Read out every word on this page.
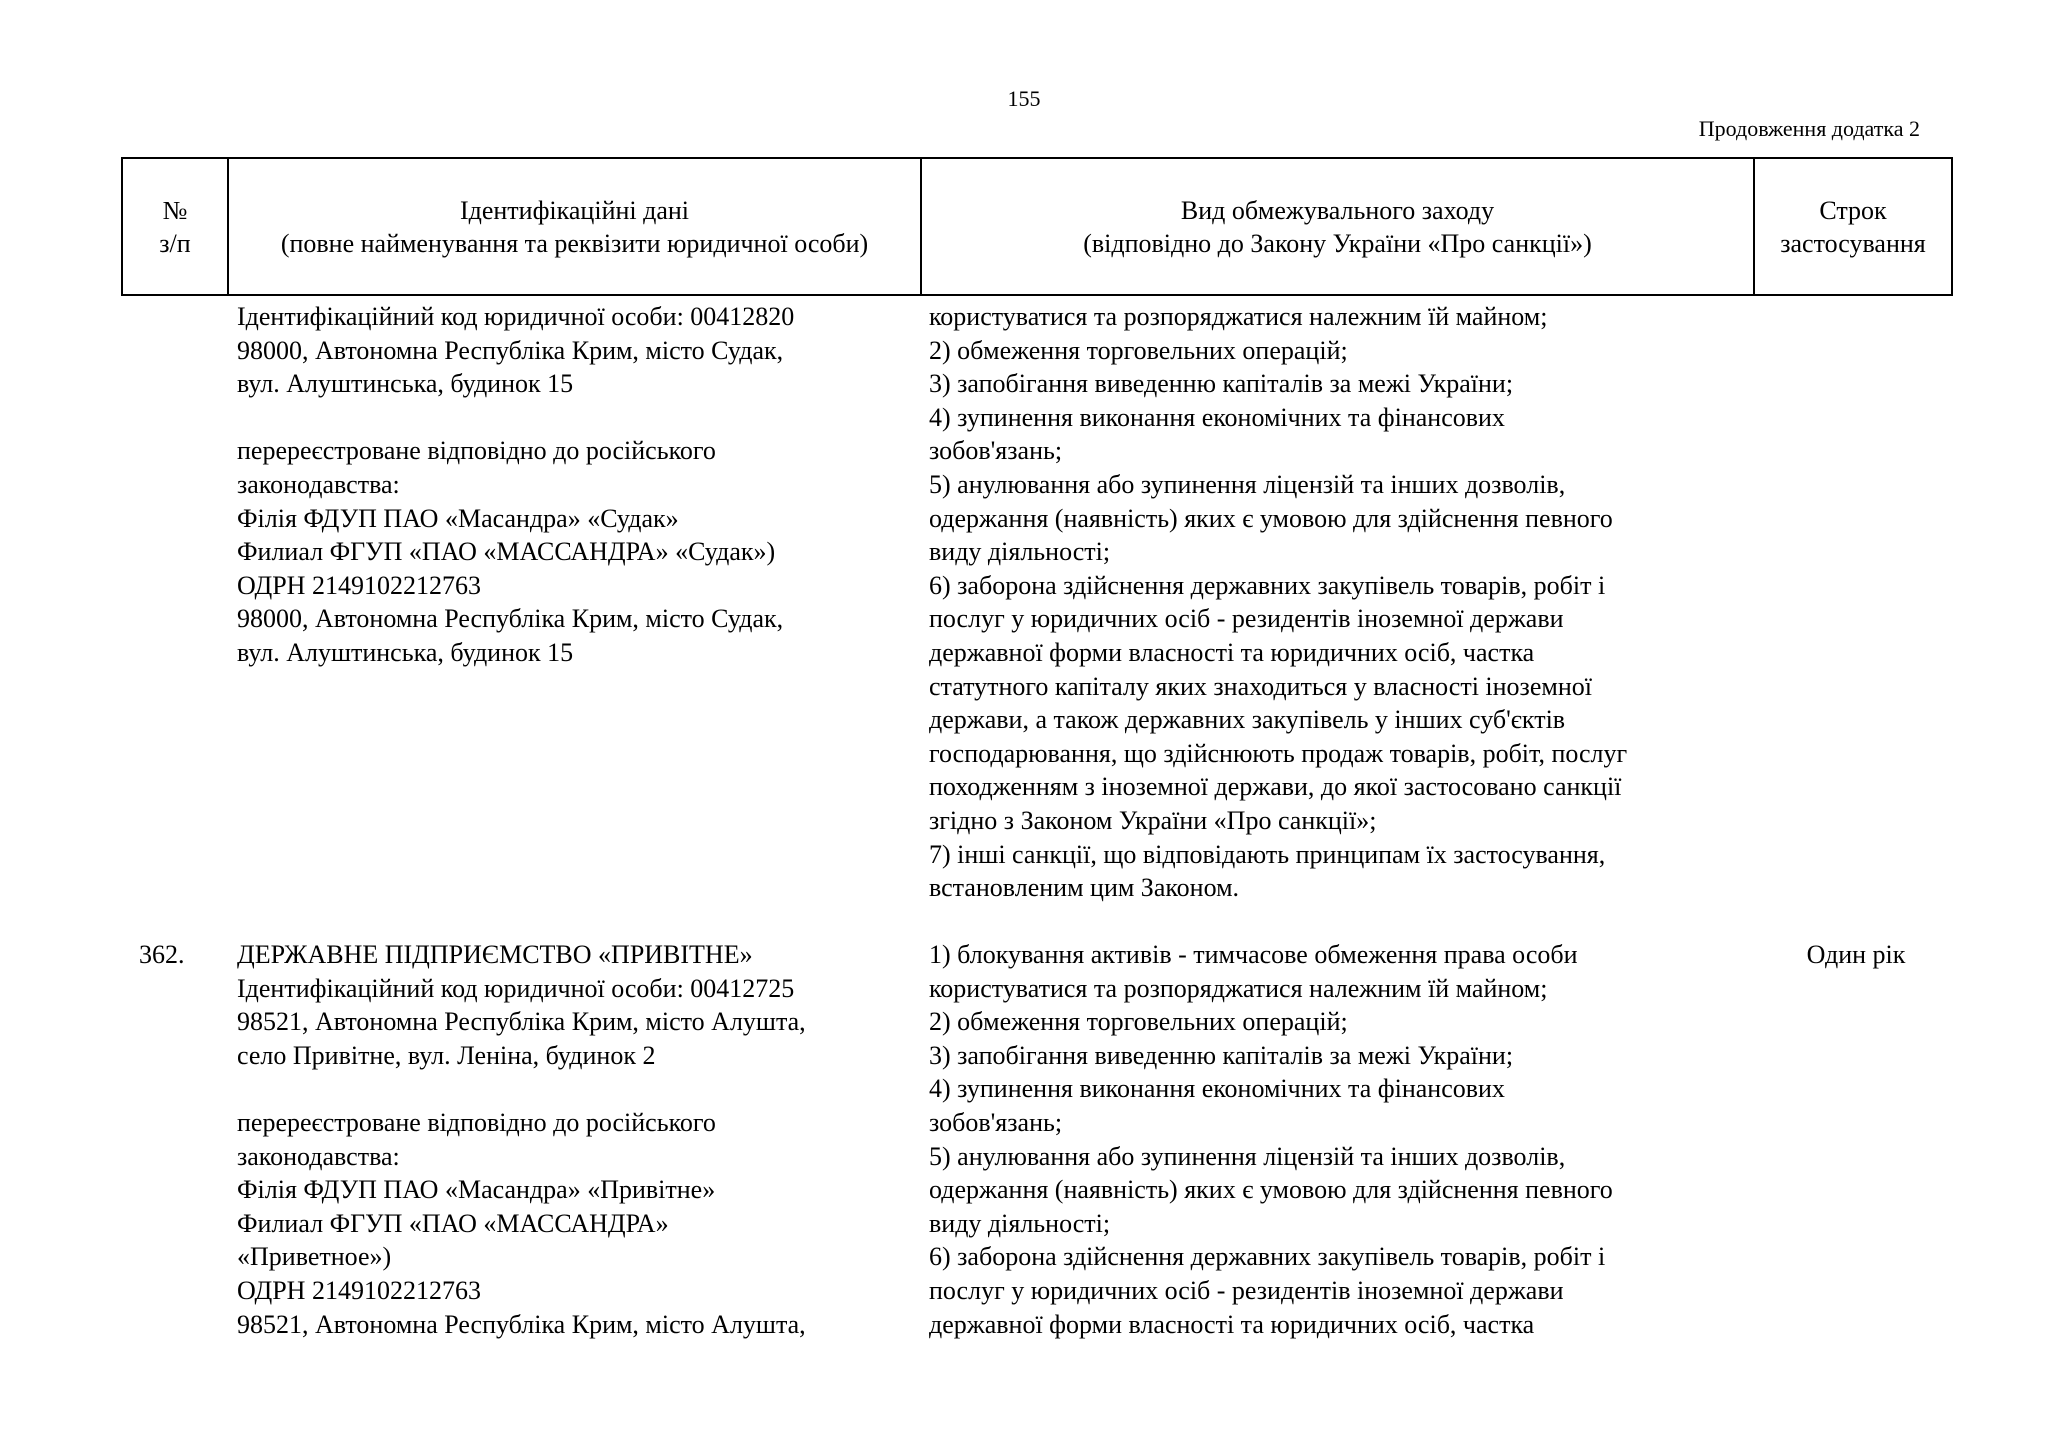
155
Продовження додатка 2
№
з/п
Ідентифікаційні дані
(повне найменування та реквізити юридичної особи)
Вид обмежувального заходу
(відповідно до Закону України «Про санкції»)
Строк
застосування
Ідентифікаційний код юридичної особи: 00412820
98000, Автономна Республіка Крим, місто Судак,
вул. Алуштинська, будинок 15
перереєстроване відповідно до російського
законодавства:
Філія ФДУП ПАО «Масандра» «Судак»
Филиал ФГУП «ПАО «МАССАНДРА» «Судак»)
ОДРН 2149102212763
98000, Автономна Республіка Крим, місто Судак,
вул. Алуштинська, будинок 15
користуватися та розпоряджатися належним їй майном;
2) обмеження торговельних операцій;
3) запобігання виведенню капіталів за межі України;
4) зупинення виконання економічних та фінансових
зобов'язань;
5) анулювання або зупинення ліцензій та інших дозволів,
одержання (наявність) яких є умовою для здійснення певного
виду діяльності;
6) заборона здійснення державних закупівель товарів, робіт і
послуг у юридичних осіб - резидентів іноземної держави
державної форми власності та юридичних осіб, частка
статутного капіталу яких знаходиться у власності іноземної
держави, а також державних закупівель у інших суб'єктів
господарювання, що здійснюють продаж товарів, робіт, послуг
походженням з іноземної держави, до якої застосовано санкції
згідно з Законом України «Про санкції»;
7) інші санкції, що відповідають принципам їх застосування,
встановленим цим Законом.
362.	ДЕРЖАВНЕ ПІДПРИЄМСТВО «ПРИВІТНЕ»
Ідентифікаційний код юридичної особи: 00412725
98521, Автономна Республіка Крим, місто Алушта,
село Привітне, вул. Леніна, будинок 2
перереєстроване відповідно до російського
законодавства:
Філія ФДУП ПАО «Масандра» «Привітне»
Филиал ФГУП «ПАО «МАССАНДРА»
«Приветное»)
ОДРН 2149102212763
98521, Автономна Республіка Крим, місто Алушта,
1) блокування активів - тимчасове обмеження права особи
користуватися та розпоряджатися належним їй майном;
2) обмеження торговельних операцій;
3) запобігання виведенню капіталів за межі України;
4) зупинення виконання економічних та фінансових
зобов'язань;
5) анулювання або зупинення ліцензій та інших дозволів,
одержання (наявність) яких є умовою для здійснення певного
виду діяльності;
6) заборона здійснення державних закупівель товарів, робіт і
послуг у юридичних осіб - резидентів іноземної держави
державної форми власності та юридичних осіб, частка
Один рік
